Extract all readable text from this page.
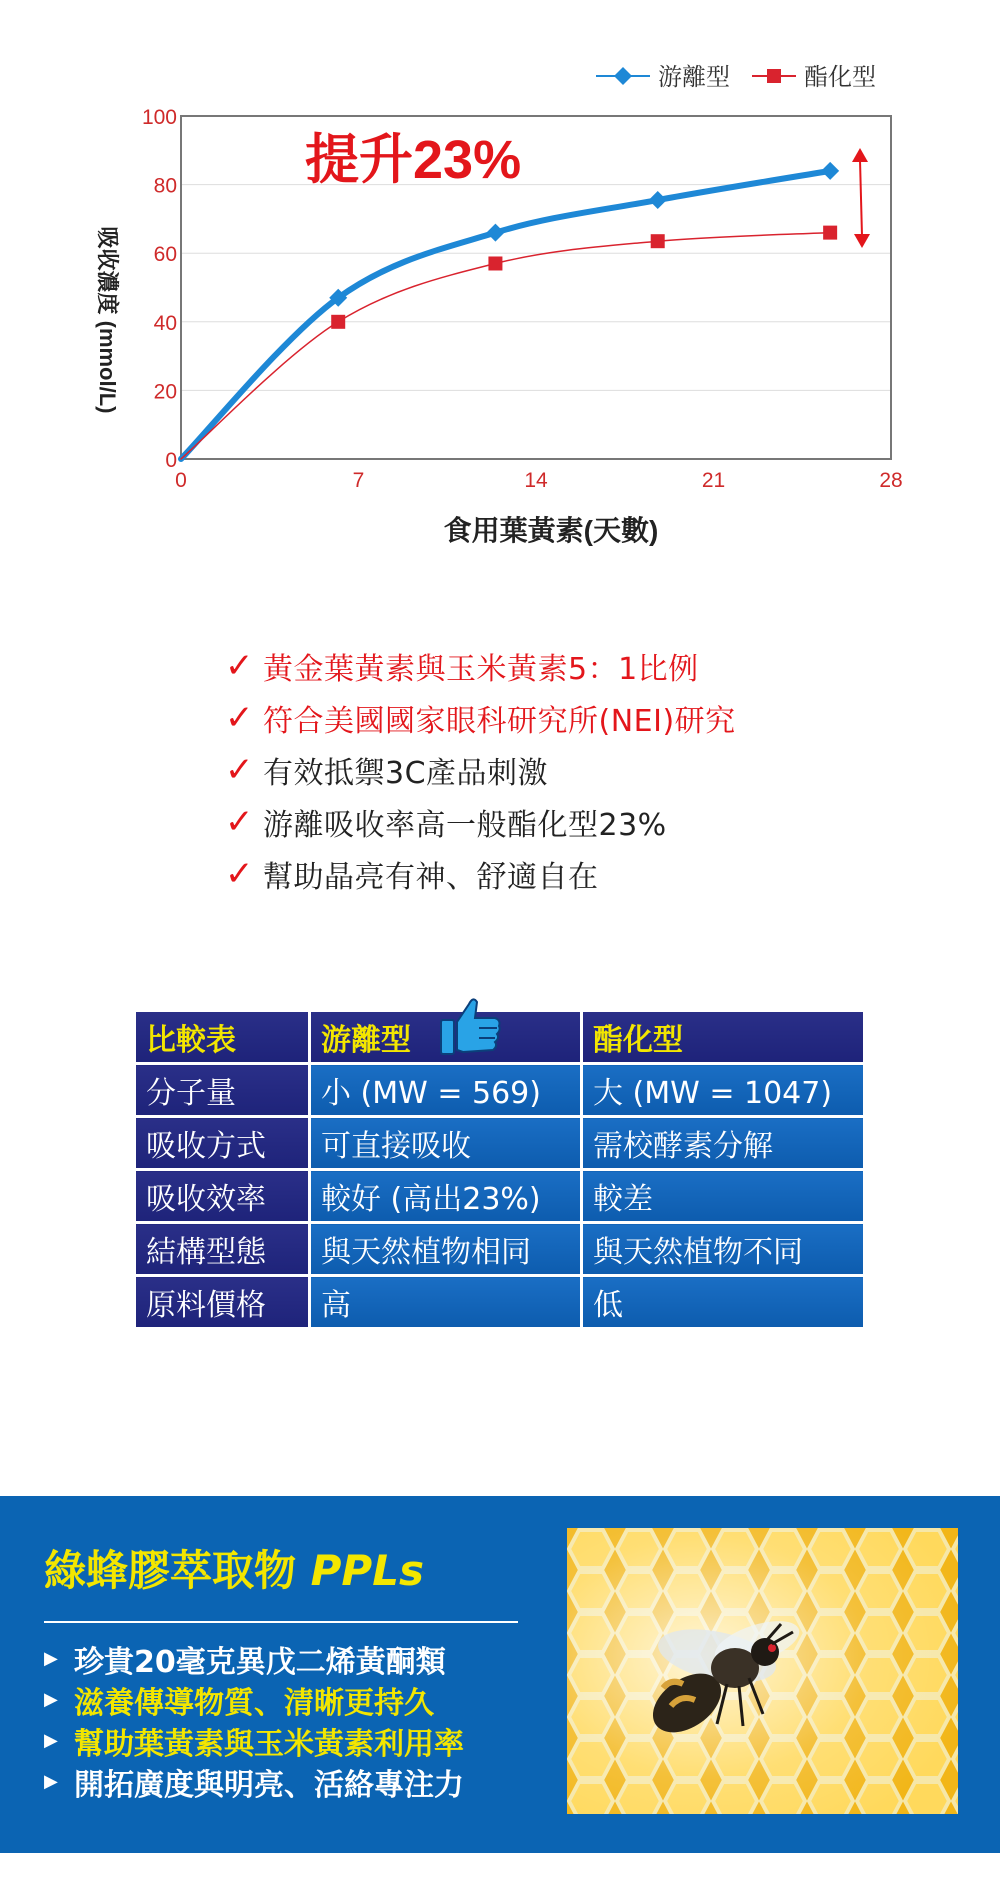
0
20
40
60
80
100
0	7	14	21	28
吸收濃度 (mmol/L)
食用葉黃素(天數)
提升23%
游離型	酯化型
✓ 黃金葉黃素與玉米黃素5：1比例
✓ 符合美國國家眼科研究所(NEI)研究
✓ 有效抵禦3C產品刺激
✓ 游離吸收率高一般酯化型23%
✓ 幫助晶亮有神、舒適自在
比較表	游離型	酯化型
分子量	小 (MW = 569)	大 (MW = 1047)
吸收方式	可直接吸收	需校酵素分解
吸收效率	較好 (高出23%)	較差
結構型態	與天然植物相同	與天然植物不同
原料價格	高	低
綠蜂膠萃取物 PPLs
▶ 珍貴20毫克異戊二烯黃酮類
▶ 滋養傳導物質、清晰更持久
▶ 幫助葉黃素與玉米黃素利用率
▶ 開拓廣度與明亮、活絡專注力
